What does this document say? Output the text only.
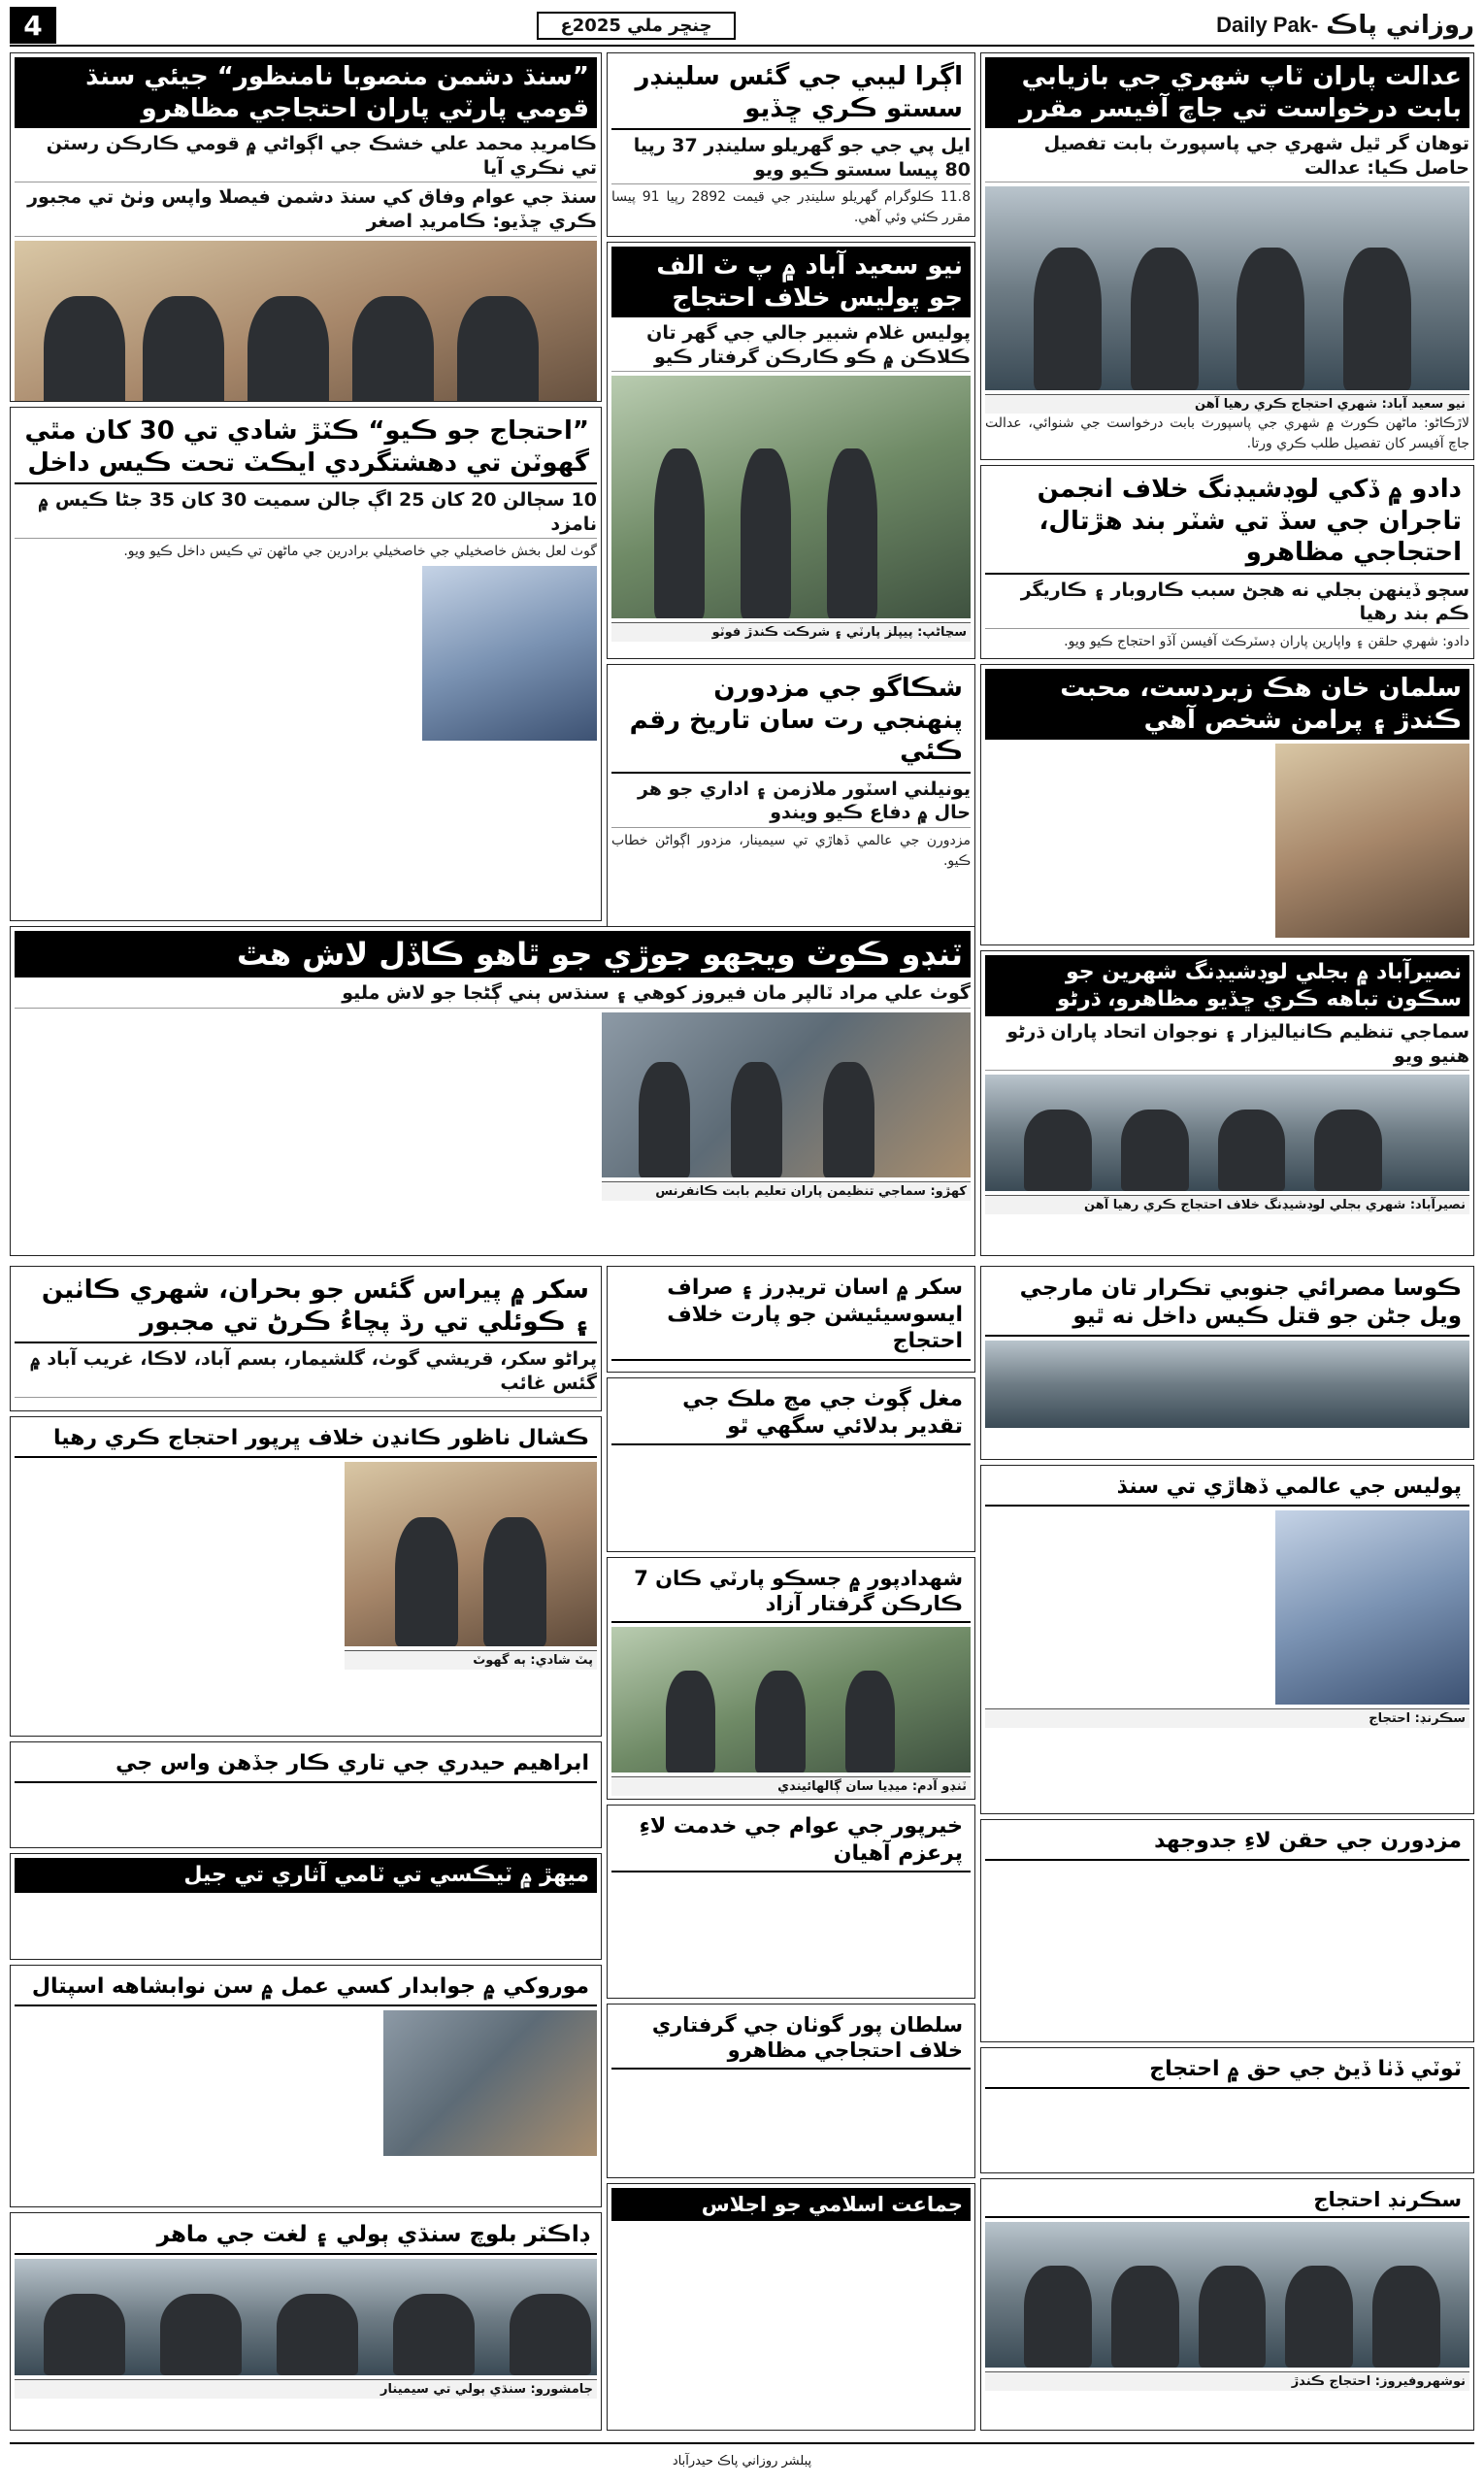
4	ڇنڇر ملي 2025ع	Daily Pak- روزاني پاڪ
عدالت پاران ٽاپ شهري جي بازيابي بابت درخواست تي جاچ آفيسر مقرر
توهان گر ٿيل شهري جي پاسپورٽ بابت تفصيل حاصل ڪيا: عدالت
نيو سعيد آباد: شهري احتجاج ڪري رهيا آهن
لاڙڪاڻو: ماڻهن ڪورٽ ۾ شهري جي پاسپورٽ بابت درخواست جي شنوائي، عدالت جاچ آفيسر کان تفصيل طلب ڪري ورتا.
اڳرا ليبي جي گئس سلينڊر سستو ڪري ڇڏيو
ايل پي جي جو گهريلو سلينڊر 37 رپيا 80 پيسا سستو ڪيو ويو
11.8 ڪلوگرام گهريلو سلينڊر جي قيمت 2892 رپيا 91 پيسا مقرر ڪئي وئي آهي.
”سنڌ دشمن منصوبا نامنظور“ جيئي سنڌ قومي پارٽي پاران احتجاجي مظاهرو
ڪامريڊ محمد علي خشڪ جي اڳواڻي ۾ قومي ڪارڪن رستن تي نڪري آيا
سنڌ جي عوام وفاق کي سنڌ دشمن فيصلا واپس وٺڻ تي مجبور ڪري ڇڏيو: ڪامريڊ اصغر
نيو سعيد آباد ۾ پ ٽ الف جو پوليس خلاف احتجاج
پوليس غلام شبير جالي جي گهر تان ڪلاڪن ۾ ڪو ڪارڪن گرفتار ڪيو
سڃاڻپ: پيپلز پارٽي ۽ شرڪت ڪندڙ فوٽو
دادو ۾ ڏکي لوڊشيڊنگ خلاف انجمن تاجران جي سڏ تي شٽر بند هڙتال، احتجاجي مظاهرو
سڄو ڏينهن بجلي نه هجڻ سبب ڪاروبار ۽ ڪاريگر ڪم بند رهيا
دادو: شهري حلقن ۽ واپارين پاران ڊسٽرڪٽ آفيسن آڏو احتجاج ڪيو ويو.
”احتجاج جو ڪيو“ ڪٽڙ شادي تي 30 کان مٿي گهوٽن تي دهشتگردي ايڪٽ تحت ڪيس داخل
10 سڄالن 20 کان 25 اڳ جالن سميت 30 کان 35 جڻا ڪيس ۾ نامزد
گوٺ لعل بخش خاصخيلي جي خاصخيلي برادرين جي ماڻهن تي ڪيس داخل ڪيو ويو.
سلمان خان هڪ زبردست، محبت ڪندڙ ۽ پرامن شخص آهي
شڪاگو جي مزدورن پنهنجي رت سان تاريخ رقم ڪئي
يونيلني اسٽور ملازمن ۽ اداري جو هر حال ۾ دفاع ڪيو ويندو
مزدورن جي عالمي ڏهاڙي تي سيمينار، مزدور اڳواڻن خطاب ڪيو.
ٽنڊو ڪوٽ ويجهو جوڙي جو ٿاهو ڪاڏل لاش هٿ
گوٺ علي مراد ٽالپر مان فيروز کوهي ۽ سنڌس ٻني ڳڻجا جو لاش مليو
کهڙو: سماجي تنظيمن پاران تعليم بابت ڪانفرنس
نصيرآباد ۾ بجلي لوڊشيڊنگ شهرين جو سڪون تباهه ڪري ڇڏيو مظاهرو، ڌرڻو
سماجي تنظيم ڪانياليزار ۽ نوجوان اتحاد پاران ڌرڻو هنيو ويو
نصيرآباد: شهري بجلي لوڊشيڊنگ خلاف احتجاج ڪري رهيا آهن
سکر ۾ پيراس گئس جو بحران، شهري ڪاٺين ۽ ڪوئلي تي رڌ پچاءُ ڪرڻ تي مجبور
پراڻو سکر، قريشي گوٺ، گلشيمار، بسم آباد، لاڪا، غريب آباد ۾ گئس غائب
سکر ۾ اسان تريڊرز ۽ صراف ايسوسيئيشن جو پارت خلاف احتجاج
ڪوسا مصرائي جنوبي تڪرار تان مارجي ويل جڻن جو قتل ڪيس داخل نه ٿيو
مغل ڳوٺ جي مڃ ملڪ جي تقدير بدلائي سگهي ٿو
ڪشال ناظور ڪانڍن خلاف ڀرپور احتجاج ڪري رهيا
پٽ شادي: ٻه گهوٽ
شهدادپور ۾ جسڪو پارٽي ڪان 7 ڪارڪن گرفتار آزاد
ٽنڊو آدم: ميڊيا سان ڳالهائيندي
ابراهيم حيدري جي تاري ڪار جڏهن واس جي
پوليس جي عالمي ڏهاڙي تي سنڌ
سڪرنڊ: احتجاج
ميهڙ ۾ ٽيڪسي تي ٽامي آثاري تي جيل
خيرپور جي عوام جي خدمت لاءِ پرعزم آهيان	مزدورن جي حقن لاءِ جدوجهد
موروکي ۾ جوابدار کسي عمل ۾ سن نوابشاهه اسپتال
سلطان پور گوٺان جي گرفتاري خلاف احتجاجي مظاهرو
ٽوٽي ڏٺا ڏيڻ جي حق ۾ احتجاج
ڊاڪٽر بلوچ سنڌي ٻولي ۽ لغت جي ماهر
جامشورو: سنڌي ٻولي تي سيمينار
جماعت اسلامي جو اجلاس	سڪرنڊ احتجاج
نوشهروفيروز: احتجاج ڪندڙ
پبلشر روزاني پاڪ حيدرآباد
